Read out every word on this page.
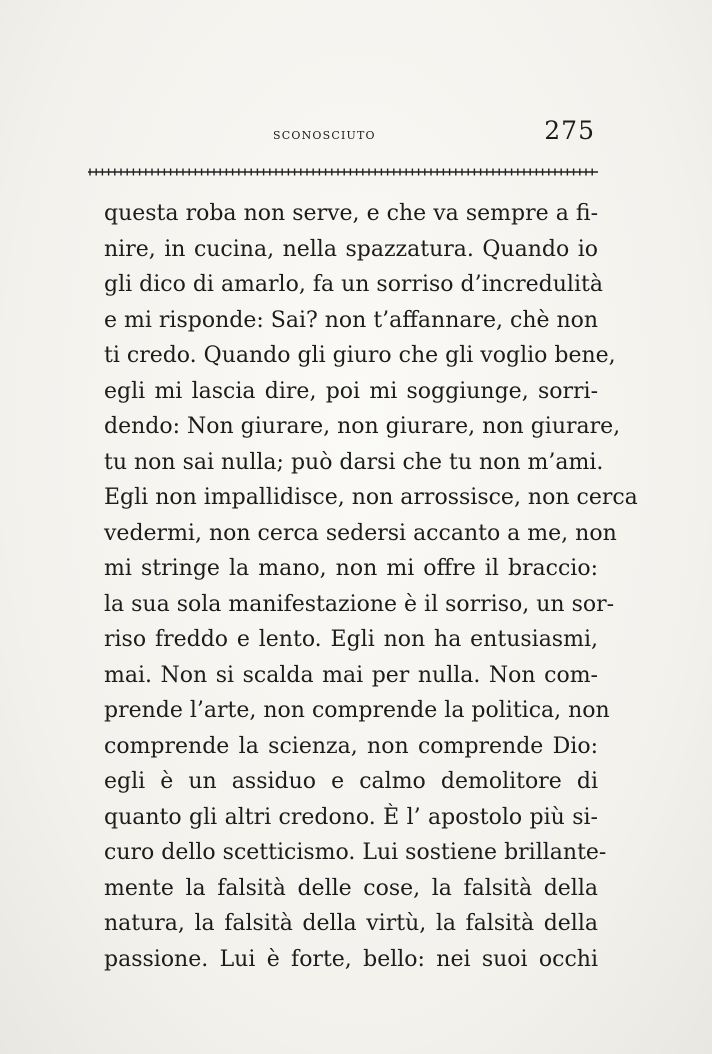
sconosciuto	275
questa roba non serve, e che va sempre a fi-
nire, in cucina, nella spazzatura. Quando io
gli dico di amarlo, fa un sorriso d’incredulità
e mi risponde: Sai? non t’affannare, chè non
ti credo. Quando gli giuro che gli voglio bene,
egli mi lascia dire, poi mi soggiunge, sorri-
dendo: Non giurare, non giurare, non giurare,
tu non sai nulla; può darsi che tu non m’ami.
Egli non impallidisce, non arrossisce, non cerca
vedermi, non cerca sedersi accanto a me, non
mi stringe la mano, non mi offre il braccio:
la sua sola manifestazione è il sorriso, un sor-
riso freddo e lento. Egli non ha entusiasmi,
mai. Non si scalda mai per nulla. Non com-
prende l’arte, non comprende la politica, non
comprende la scienza, non comprende Dio:
egli è un assiduo e calmo demolitore di
quanto gli altri credono. È l’ apostolo più si-
curo dello scetticismo. Lui sostiene brillante-
mente la falsità delle cose, la falsità della
natura, la falsità della virtù, la falsità della
passione. Lui è forte, bello: nei suoi occhi
